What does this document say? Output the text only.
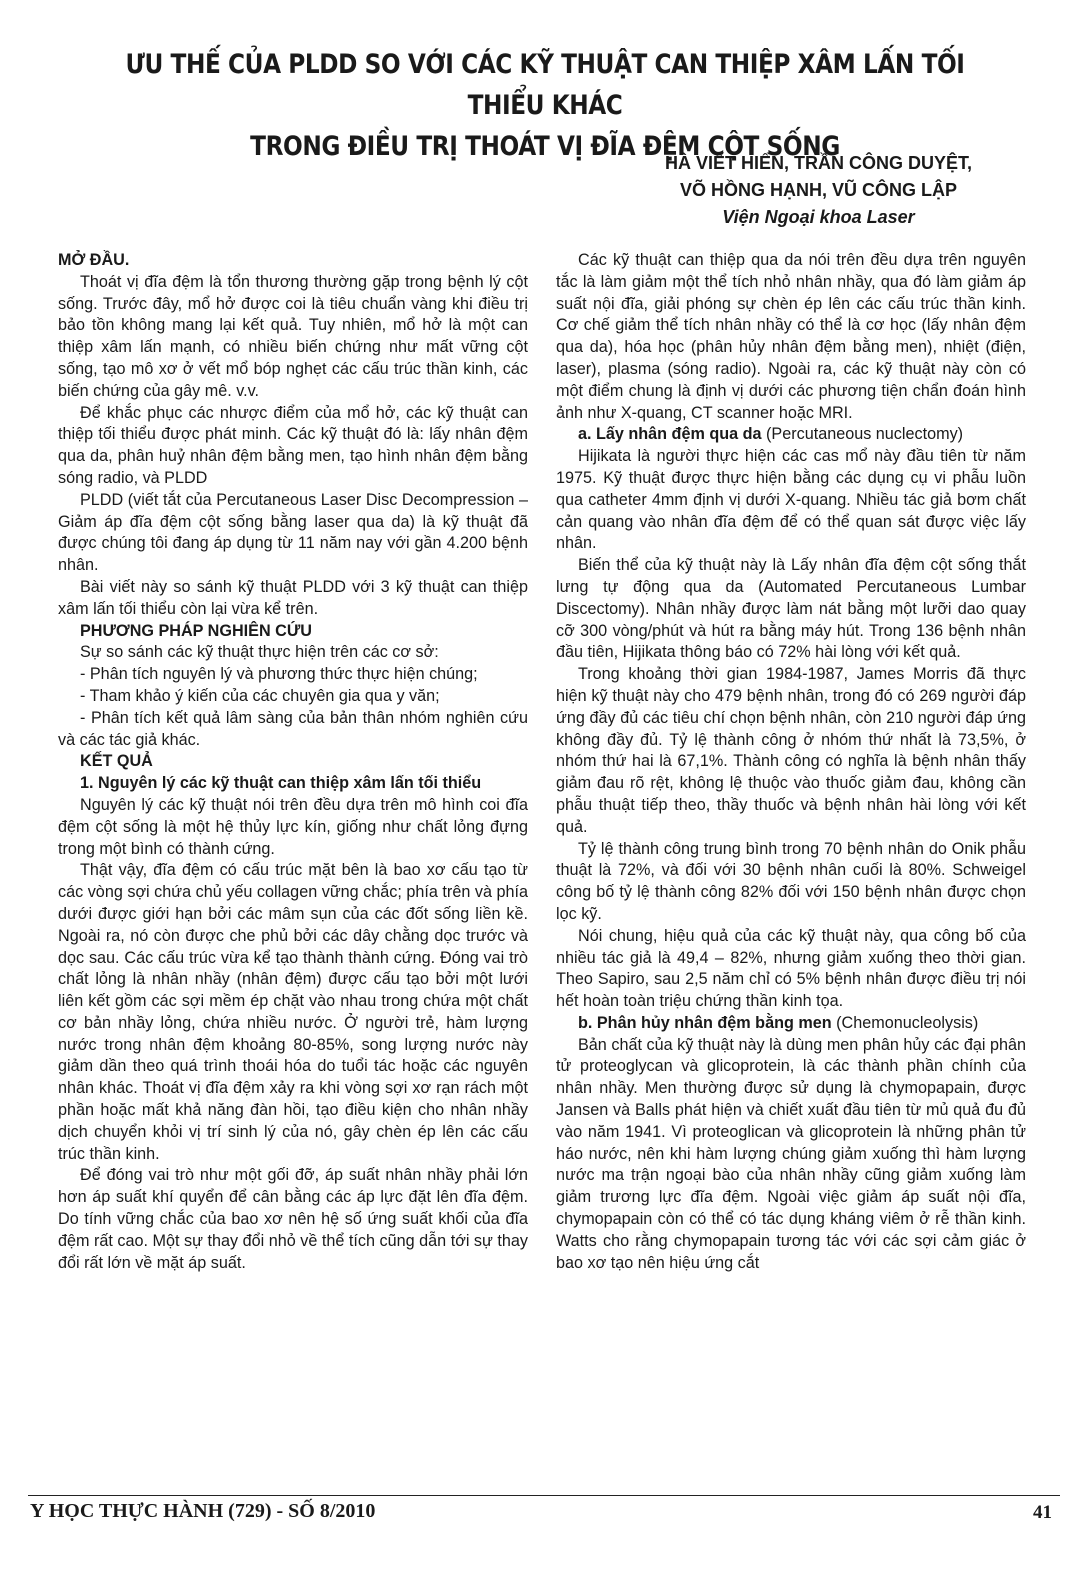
ƯU THẾ CỦA PLDD SO VỚI CÁC KỸ THUẬT CAN THIỆP XÂM LẤN TỐI THIỂU KHÁC
TRONG ĐIỀU TRỊ THOÁT VỊ ĐĨA ĐỆM CỘT SỐNG
HÀ VIẾT HIỂN, TRẦN CÔNG DUYỆT,
VÕ HỒNG HẠNH, VŨ CÔNG LẬP
Viện Ngoại khoa Laser
MỞ ĐẦU.

Thoát vị đĩa đệm là tổn thương thường gặp trong bệnh lý cột sống. Trước đây, mổ hở được coi là tiêu chuẩn vàng khi điều trị bảo tồn không mang lại kết quả. Tuy nhiên, mổ hở là một can thiệp xâm lấn mạnh, có nhiều biến chứng như mất vững cột sống, tạo mô xơ ở vết mổ bóp nghẹt các cấu trúc thần kinh, các biến chứng của gây mê. v.v.

Để khắc phục các nhược điểm của mổ hở, các kỹ thuật can thiệp tối thiểu được phát minh. Các kỹ thuật đó là: lấy nhân đệm qua da, phân huỷ nhân đệm bằng men, tạo hình nhân đệm bằng sóng radio, và PLDD

PLDD (viết tắt của Percutaneous Laser Disc Decompression – Giảm áp đĩa đệm cột sống bằng laser qua da) là kỹ thuật đã được chúng tôi đang áp dụng từ 11 năm nay với gần 4.200 bệnh nhân.

Bài viết này so sánh kỹ thuật PLDD với 3 kỹ thuật can thiệp xâm lấn tối thiểu còn lại vừa kể trên.

PHƯƠNG PHÁP NGHIÊN CỨU

Sự so sánh các kỹ thuật thực hiện trên các cơ sở:

- Phân tích nguyên lý và phương thức thực hiện chúng;

- Tham khảo ý kiến của các chuyên gia qua y văn;

- Phân tích kết quả lâm sàng của bản thân nhóm nghiên cứu và các tác giả khác.

KẾT QUẢ
1. Nguyên lý các kỹ thuật can thiệp xâm lấn tối thiểu

Nguyên lý các kỹ thuật nói trên đều dựa trên mô hình coi đĩa đệm cột sống là một hệ thủy lực kín, giống như chất lỏng đựng trong một bình có thành cứng.

Thật vậy, đĩa đệm có cấu trúc mặt bên là bao xơ cấu tạo từ các vòng sợi chứa chủ yếu collagen vững chắc; phía trên và phía dưới được giới hạn bởi các mâm sụn của các đốt sống liền kề. Ngoài ra, nó còn được che phủ bởi các dây chằng dọc trước và dọc sau. Các cấu trúc vừa kể tạo thành thành cứng. Đóng vai trò chất lỏng là nhân nhầy (nhân đệm) được cấu tạo bởi một lưới liên kết gồm các sợi mềm ép chặt vào nhau trong chứa một chất cơ bản nhầy lỏng, chứa nhiều nước. Ở người trẻ, hàm lượng nước trong nhân đệm khoảng 80-85%, song lượng nước này giảm dần theo quá trình thoái hóa do tuổi tác hoặc các nguyên nhân khác. Thoát vị đĩa đệm xảy ra khi vòng sợi xơ rạn rách một phần hoặc mất khả năng đàn hồi, tạo điều kiện cho nhân nhầy dịch chuyển khỏi vị trí sinh lý của nó, gây chèn ép lên các cấu trúc thần kinh.

Để đóng vai trò như một gối đỡ, áp suất nhân nhầy phải lớn hơn áp suất khí quyển để cân bằng các áp lực đặt lên đĩa đệm. Do tính vững chắc của bao xơ nên hệ số ứng suất khối của đĩa đệm rất cao. Một sự thay đổi nhỏ về thể tích cũng dẫn tới sự thay đổi rất lớn về mặt áp suất.

Các kỹ thuật can thiệp qua da nói trên đều dựa trên nguyên tắc là làm giảm một thể tích nhỏ nhân nhầy, qua đó làm giảm áp suất nội đĩa, giải phóng sự chèn ép lên các cấu trúc thần kinh. Cơ chế giảm thể tích nhân nhầy có thể là cơ học (lấy nhân đệm qua da), hóa học (phân hủy nhân đệm bằng men), nhiệt (điện, laser), plasma (sóng radio). Ngoài ra, các kỹ thuật này còn có một điểm chung là định vị dưới các phương tiện chẩn đoán hình ảnh như X-quang, CT scanner hoặc MRI.

a. Lấy nhân đệm qua da (Percutaneous nuclectomy)

Hijikata là người thực hiện các cas mổ này đầu tiên từ năm 1975. Kỹ thuật được thực hiện bằng các dụng cụ vi phẫu luồn qua catheter 4mm định vị dưới X-quang. Nhiều tác giả bơm chất cản quang vào nhân đĩa đệm để có thể quan sát được việc lấy nhân.

Biến thể của kỹ thuật này là Lấy nhân đĩa đệm cột sống thắt lưng tự động qua da (Automated Percutaneous Lumbar Discectomy). Nhân nhầy được làm nát bằng một lưỡi dao quay cỡ 300 vòng/phút và hút ra bằng máy hút. Trong 136 bệnh nhân đầu tiên, Hijikata thông báo có 72% hài lòng với kết quả.

Trong khoảng thời gian 1984-1987, James Morris đã thực hiện kỹ thuật này cho 479 bệnh nhân, trong đó có 269 người đáp ứng đầy đủ các tiêu chí chọn bệnh nhân, còn 210 người đáp ứng không đầy đủ. Tỷ lệ thành công ở nhóm thứ nhất là 73,5%, ở nhóm thứ hai là 67,1%. Thành công có nghĩa là bệnh nhân thấy giảm đau rõ rệt, không lệ thuộc vào thuốc giảm đau, không cần phẫu thuật tiếp theo, thầy thuốc và bệnh nhân hài lòng với kết quả.

Tỷ lệ thành công trung bình trong 70 bệnh nhân do Onik phẫu thuật là 72%, và đối với 30 bệnh nhân cuối là 80%. Schweigel công bố tỷ lệ thành công 82% đối với 150 bệnh nhân được chọn lọc kỹ.

Nói chung, hiệu quả của các kỹ thuật này, qua công bố của nhiều tác giả là 49,4 – 82%, nhưng giảm xuống theo thời gian. Theo Sapiro, sau 2,5 năm chỉ có 5% bệnh nhân được điều trị nói hết hoàn toàn triệu chứng thần kinh tọa.

b. Phân hủy nhân đệm bằng men (Chemonucleolysis)

Bản chất của kỹ thuật này là dùng men phân hủy các đại phân tử proteoglycan và glicoprotein, là các thành phần chính của nhân nhầy. Men thường được sử dụng là chymopapain, được Jansen và Balls phát hiện và chiết xuất đầu tiên từ mủ quả đu đủ vào năm 1941. Vì proteoglican và glicoprotein là những phân tử háo nước, nên khi hàm lượng chúng giảm xuống thì hàm lượng nước ma trận ngoại bào của nhân nhầy cũng giảm xuống làm giảm trương lực đĩa đệm. Ngoài việc giảm áp suất nội đĩa, chymopapain còn có thể có tác dụng kháng viêm ở rễ thần kinh. Watts cho rằng chymopapain tương tác với các sợi cảm giác ở bao xơ tạo nên hiệu ứng cắt

Y HỌC THỰC HÀNH (729) - SỐ 8/2010	41
